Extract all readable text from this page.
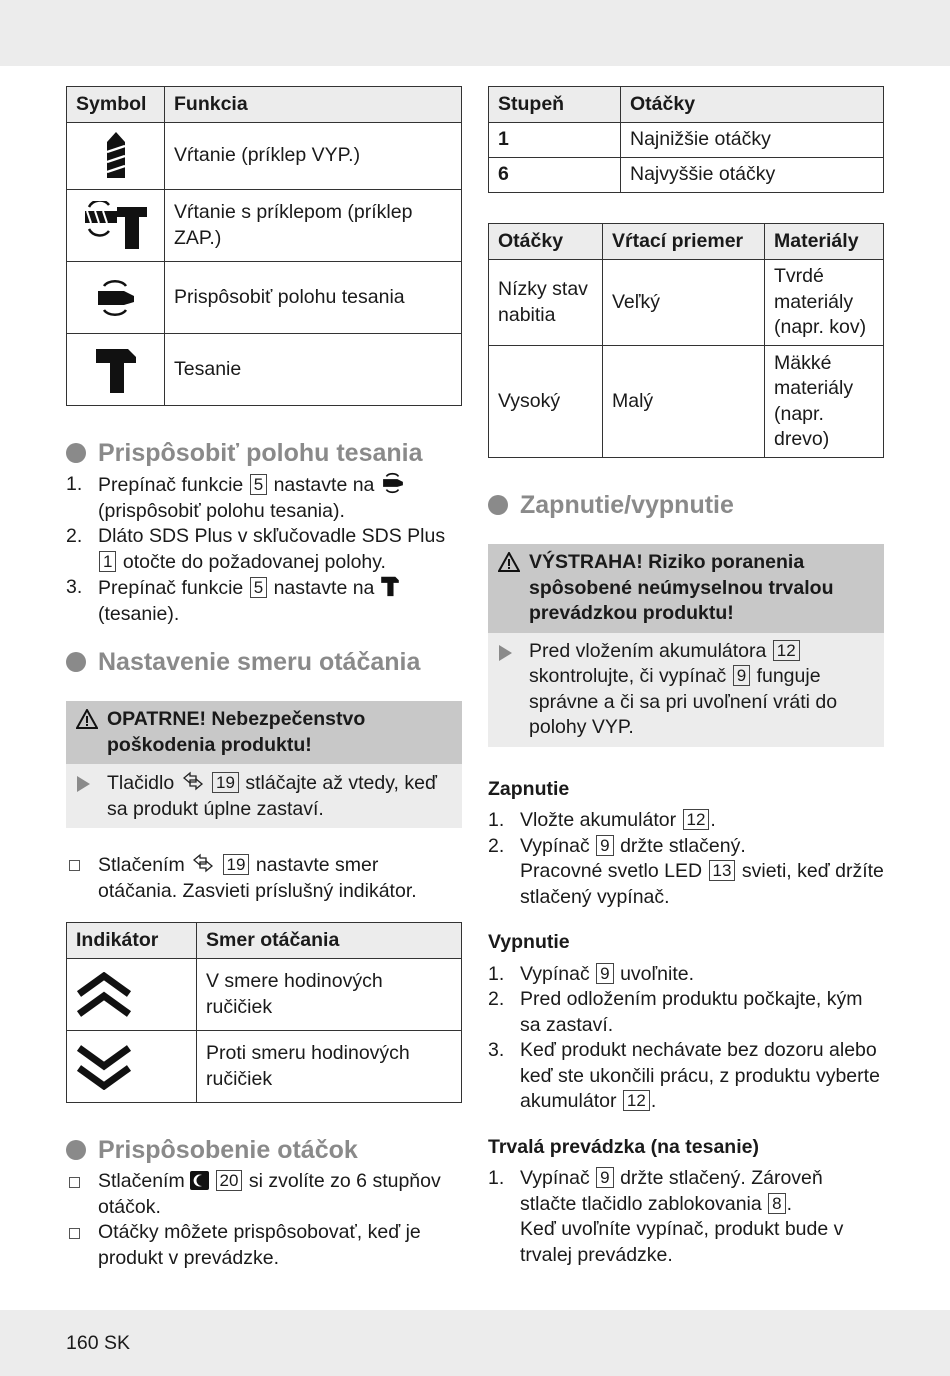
Symbol	Funkcia
	Vŕtanie (príklep VYP.)
	Vŕtanie s príklepom (príklep ZAP.)
	Prispôsobiť polohu tesania
	Tesanie
Prispôsobiť polohu tesania
1. Prepínač funkcie 5 nastavte na  (prispôsobiť polohu tesania).
2. Dláto SDS Plus v skľučovadle SDS Plus 1 otočte do požadovanej polohy.
3. Prepínač funkcie 5 nastavte na  (tesanie).
Nastavenie smeru otáčania
OPATRNE! Nebezpečenstvo poškodenia produktu!
Tlačidlo 19 stláčajte až vtedy, keď sa produkt úplne zastaví.
Stlačením 19 nastavte smer otáčania. Zasvieti príslušný indikátor.
Indikátor	Smer otáčania
	V smere hodinových ručičiek
	Proti smeru hodinových ručičiek
Prispôsobenie otáčok
Stlačením 20 si zvolíte zo 6 stupňov otáčok.
Otáčky môžete prispôsobovať, keď je produkt v prevádzke.
Stupeň	Otáčky
1	Najnižšie otáčky
6	Najvyššie otáčky
Otáčky	Vŕtací priemer	Materiály
Nízky stav nabitia	Veľký	Tvrdé materiály (napr. kov)
Vysoký	Malý	Mäkké materiály (napr. drevo)
Zapnutie/vypnutie
VÝSTRAHA! Riziko poranenia spôsobené neúmyselnou trvalou prevádzkou produktu!
Pred vložením akumulátora 12 skontrolujte, či vypínač 9 funguje správne a či sa pri uvoľnení vráti do polohy VYP.
Zapnutie
1. Vložte akumulátor 12 .
2. Vypínač 9 držte stlačený.
Pracovné svetlo LED 13 svieti, keď držíte stlačený vypínač.
Vypnutie
1. Vypínač 9 uvoľnite.
2. Pred odložením produktu počkajte, kým sa zastaví.
3. Keď produkt nechávate bez dozoru alebo keď ste ukončili prácu, z produktu vyberte akumulátor 12 .
Trvalá prevádzka (na tesanie)
1. Vypínač 9 držte stlačený. Zároveň stlačte tlačidlo zablokovania 8 .
Keď uvoľníte vypínač, produkt bude v trvalej prevádzke.
160 SK
